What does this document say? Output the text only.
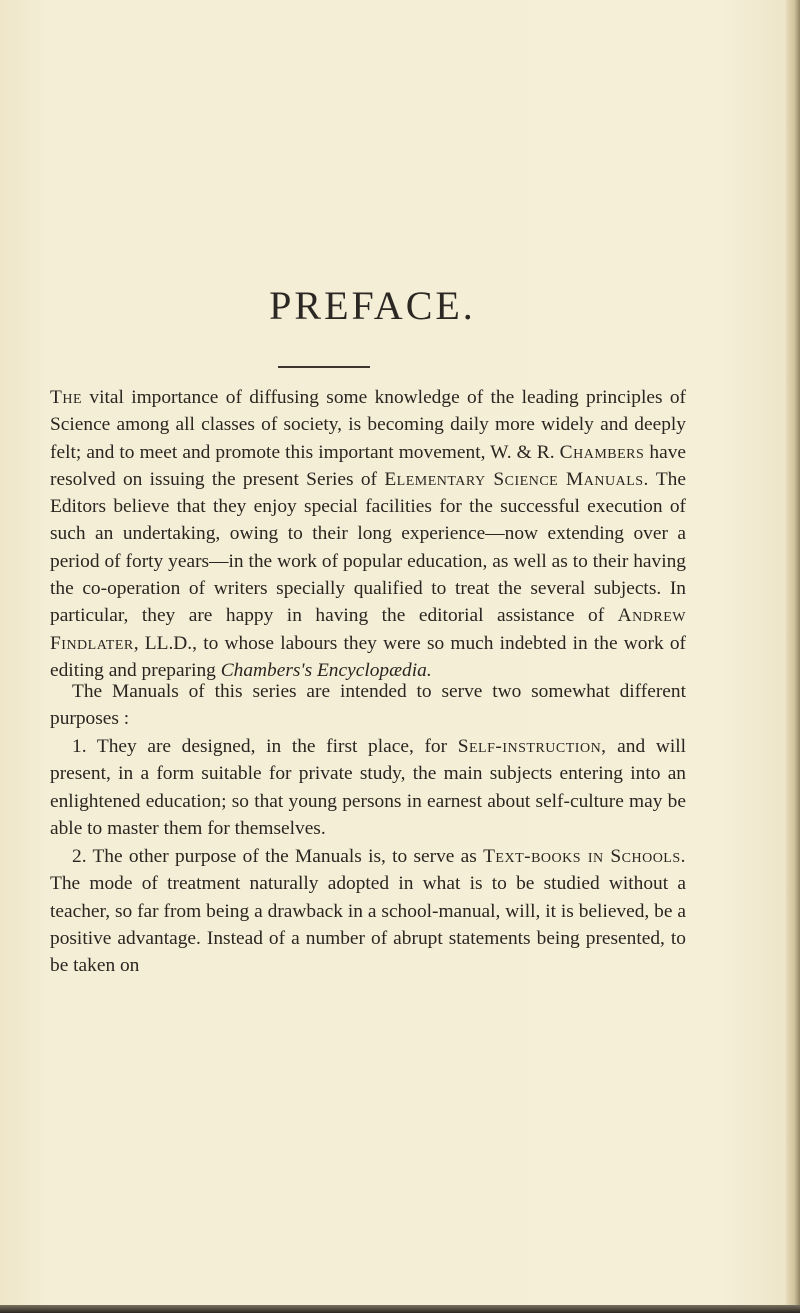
PREFACE.

The vital importance of diffusing some knowledge of the leading principles of Science among all classes of society, is becoming daily more widely and deeply felt; and to meet and promote this important movement, W. & R. Chambers have resolved on issuing the present Series of Elementary Science Manuals. The Editors believe that they enjoy special facilities for the successful execution of such an undertaking, owing to their long experience—now extending over a period of forty years—in the work of popular education, as well as to their having the co-operation of writers specially qualified to treat the several subjects. In particular, they are happy in having the editorial assistance of Andrew Findlater, LL.D., to whose labours they were so much indebted in the work of editing and preparing Chambers's Encyclopædia.

The Manuals of this series are intended to serve two somewhat different purposes :

1. They are designed, in the first place, for Self-instruction, and will present, in a form suitable for private study, the main subjects entering into an enlightened education; so that young persons in earnest about self-culture may be able to master them for themselves.

2. The other purpose of the Manuals is, to serve as Text-books in Schools. The mode of treatment naturally adopted in what is to be studied without a teacher, so far from being a drawback in a school-manual, will, it is believed, be a positive advantage. Instead of a number of abrupt statements being presented, to be taken on
